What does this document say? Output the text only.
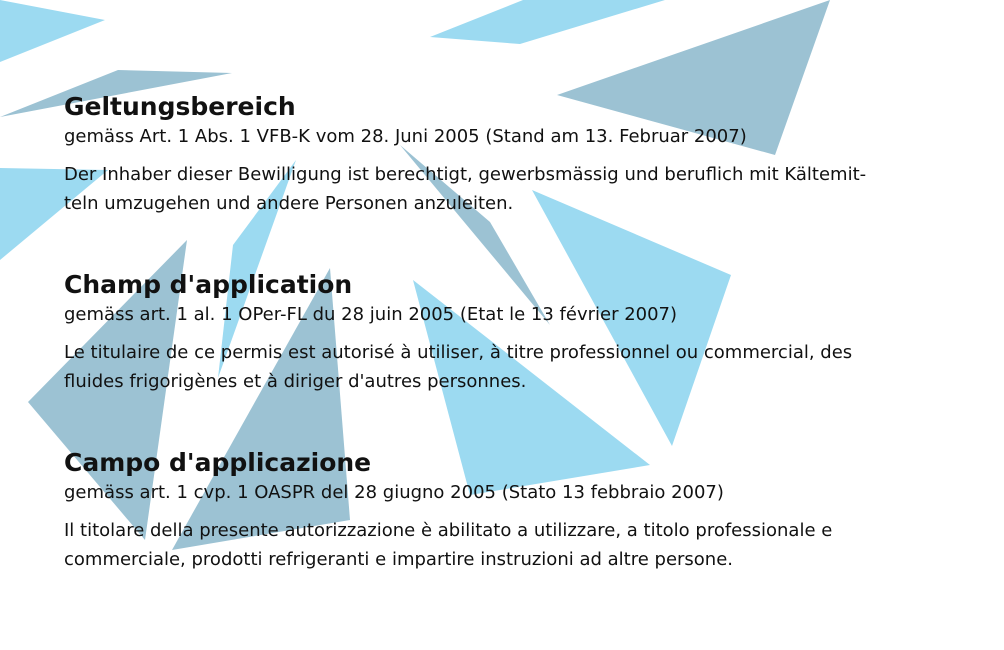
Geltungsbereich

gemäss Art. 1 Abs. 1 VFB-K vom 28. Juni 2005 (Stand am 13. Februar 2007)

Der Inhaber dieser Bewilligung ist berechtigt, gewerbsmässig und beruflich mit Kältemit-
teln umzugehen und andere Personen anzuleiten.

Champ d'application

gemäss art. 1 al. 1 OPer-FL du 28 juin 2005 (Etat le 13 février 2007)

Le titulaire de ce permis est autorisé à utiliser, à titre professionnel ou commercial, des
fluides frigorigènes et à diriger d'autres personnes.

Campo d'applicazione

gemäss art. 1 cvp. 1 OASPR del 28 giugno 2005 (Stato 13 febbraio 2007)

Il titolare della presente autorizzazione è abilitato a utilizzare, a titolo professionale e
commerciale, prodotti refrigeranti e impartire instruzioni ad altre persone.
